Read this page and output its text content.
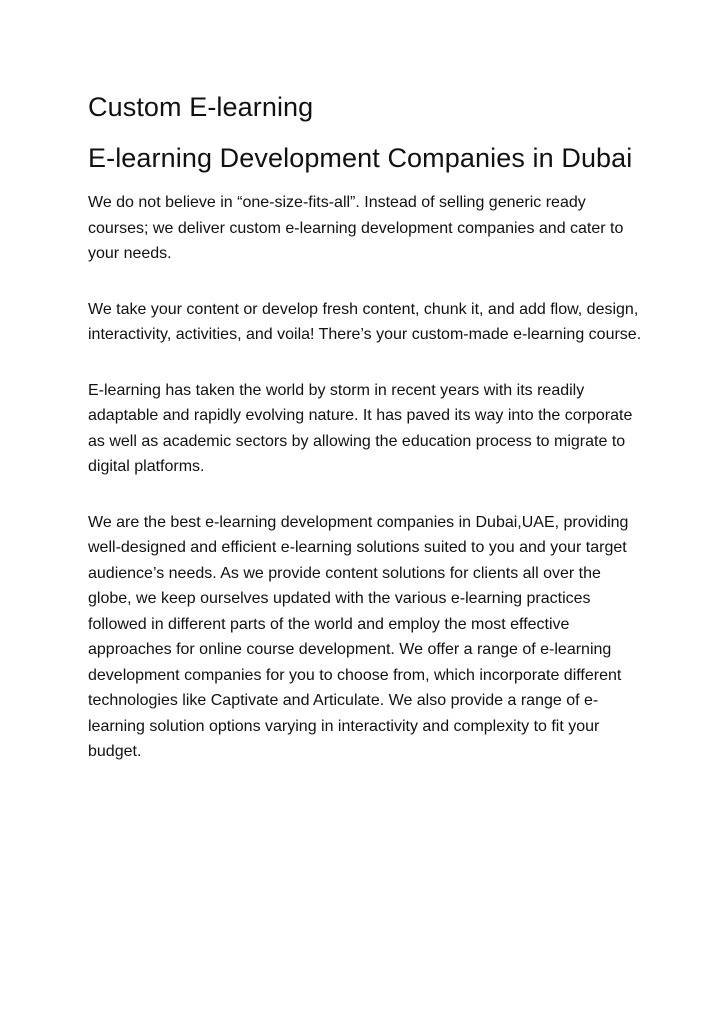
Custom E-learning
E-learning Development Companies in Dubai

We do not believe in “one-size-fits-all”. Instead of selling generic ready courses; we deliver custom e-learning development companies and cater to your needs.

We take your content or develop fresh content, chunk it, and add flow, design, interactivity, activities, and voila! There’s your custom-made e-learning course.

E-learning has taken the world by storm in recent years with its readily adaptable and rapidly evolving nature. It has paved its way into the corporate as well as academic sectors by allowing the education process to migrate to digital platforms.

We are the best e-learning development companies in Dubai,UAE, providing well-designed and efficient e-learning solutions suited to you and your target audience’s needs. As we provide content solutions for clients all over the globe, we keep ourselves updated with the various e-learning practices followed in different parts of the world and employ the most effective approaches for online course development. We offer a range of e-learning development companies for you to choose from, which incorporate different technologies like Captivate and Articulate. We also provide a range of e-learning solution options varying in interactivity and complexity to fit your budget.
